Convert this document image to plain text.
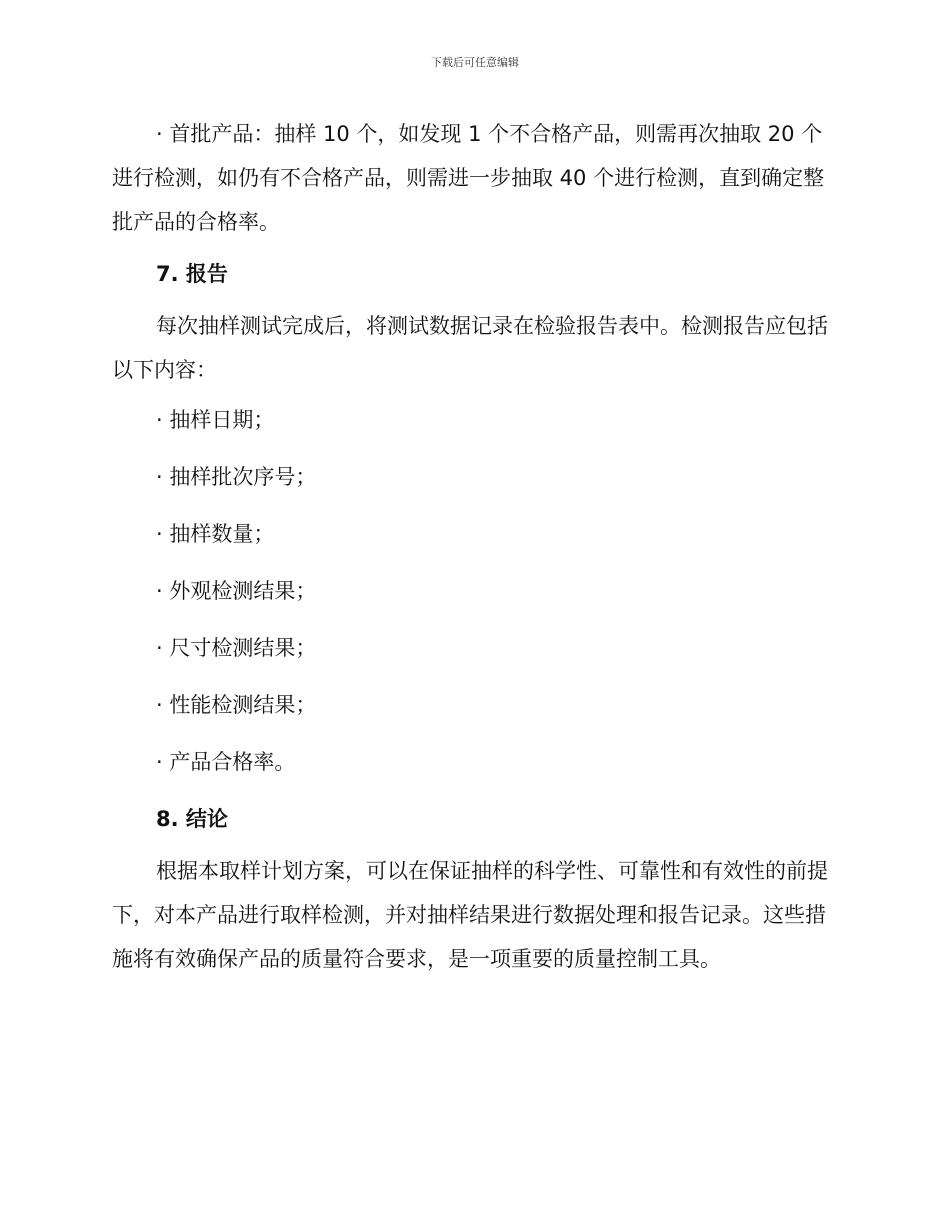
下载后可任意编辑

· 首批产品：抽样 10 个，如发现 1 个不合格产品，则需再次抽取 20 个进行检测，如仍有不合格产品，则需进一步抽取 40 个进行检测，直到确定整批产品的合格率。

7. 报告

每次抽样测试完成后，将测试数据记录在检验报告表中。检测报告应包括以下内容：

· 抽样日期；

· 抽样批次序号；

· 抽样数量；

· 外观检测结果；

· 尺寸检测结果；

· 性能检测结果；

· 产品合格率。

8. 结论

根据本取样计划方案，可以在保证抽样的科学性、可靠性和有效性的前提下，对本产品进行取样检测，并对抽样结果进行数据处理和报告记录。这些措施将有效确保产品的质量符合要求，是一项重要的质量控制工具。
